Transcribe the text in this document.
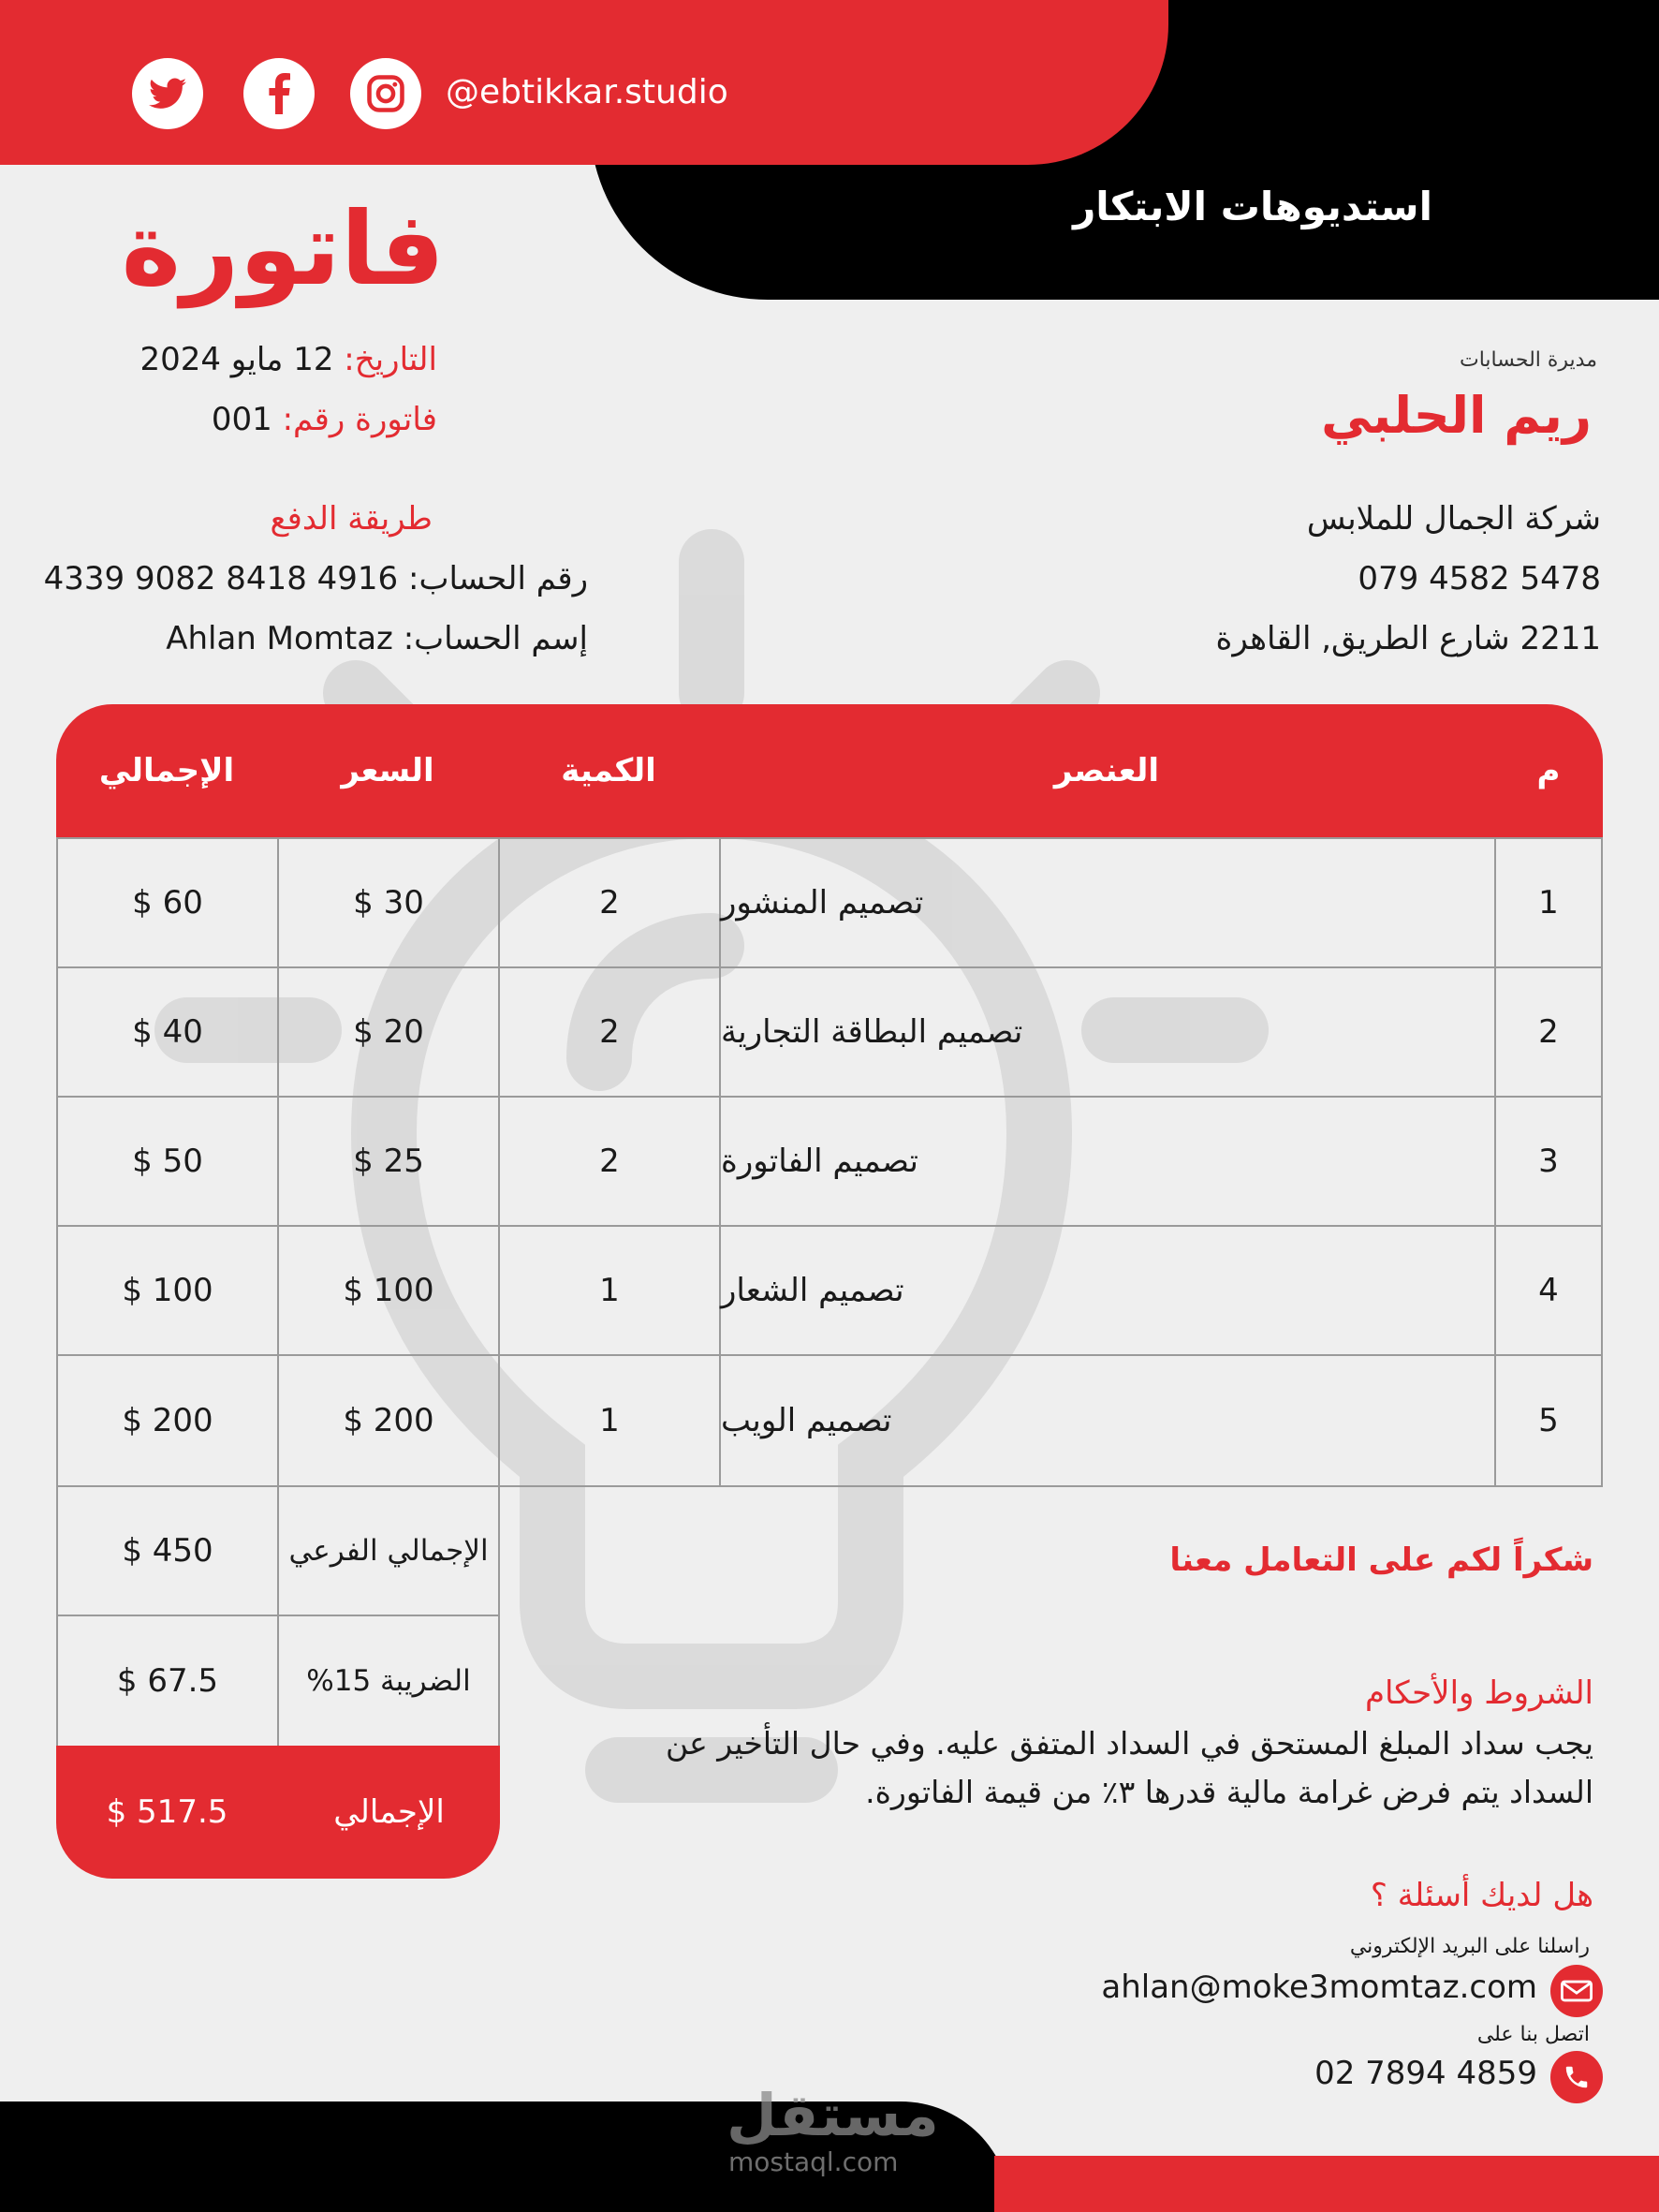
@ebtikkar.studio
استديوهات الابتكار
فاتورة
التاريخ: 12 مايو 2024
فاتورة رقم: 001
مديرة الحسابات
ريم الحلبي
شركة الجمال للملابس
079 4582 5478
2211 شارع الطريق, القاهرة
طريقة الدفع
رقم الحساب: 4339 9082 8418 4916
إسم الحساب: Ahlan Momtaz
الإجمالي	السعر	الكمية	العنصر	م
$ 60	$ 30	2	تصميم المنشور	1
$ 40	$ 20	2	تصميم البطاقة التجارية	2
$ 50	$ 25	2	تصميم الفاتورة	3
$ 100	$ 100	1	تصميم الشعار	4
$ 200	$ 200	1	تصميم الويب	5
$ 450	الإجمالي الفرعي
$ 67.5	الضريبة 15%
$ 517.5	الإجمالي
شكراً لكم على التعامل معنا
الشروط والأحكام
يجب سداد المبلغ المستحق في السداد المتفق عليه. وفي حال التأخير عن
السداد يتم فرض غرامة مالية قدرها ٣٪ من قيمة الفاتورة.
هل لديك أسئلة ؟
راسلنا على البريد الإلكتروني
ahlan@moke3momtaz.com
اتصل بنا على
02 7894 4859
مستقل
mostaql.com
